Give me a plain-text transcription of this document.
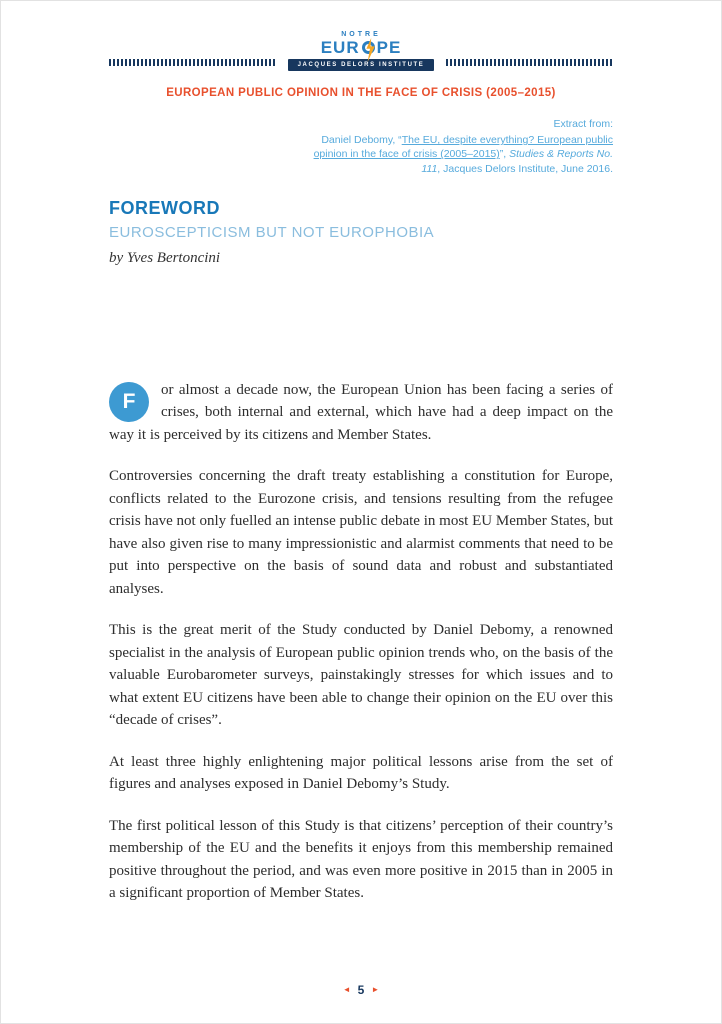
NOTRE
EUR PE
JACQUES DELORS INSTITUTE
EUROPEAN PUBLIC OPINION IN THE FACE OF CRISIS (2005–2015)
Extract from:
Daniel Debomy, “The EU, despite everything? European public opinion in the face of crisis (2005–2015)”, Studies & Reports No. 111, Jacques Delors Institute, June 2016.
FOREWORD
EUROSCEPTICISM BUT NOT EUROPHOBIA
by Yves Bertoncini

F	or almost a decade now, the European Union has been facing a series of crises, both internal and external, which have had a deep impact on the way it is perceived by its citizens and Member States.

Controversies concerning the draft treaty establishing a constitution for Europe, conflicts related to the Eurozone crisis, and tensions resulting from the refugee crisis have not only fuelled an intense public debate in most EU Member States, but have also given rise to many impressionistic and alarmist comments that need to be put into perspective on the basis of sound data and robust and substantiated analyses.

This is the great merit of the Study conducted by Daniel Debomy, a renowned specialist in the analysis of European public opinion trends who, on the basis of the valuable Eurobarometer surveys, painstakingly stresses for which issues and to what extent EU citizens have been able to change their opinion on the EU over this “decade of crises”.

At least three highly enlightening major political lessons arise from the set of figures and analyses exposed in Daniel Debomy’s Study.

The first political lesson of this Study is that citizens’ perception of their country’s membership of the EU and the benefits it enjoys from this membership remained positive throughout the period, and was even more positive in 2015 than in 2005 in a significant proportion of Member States.

◄ 5 ►
